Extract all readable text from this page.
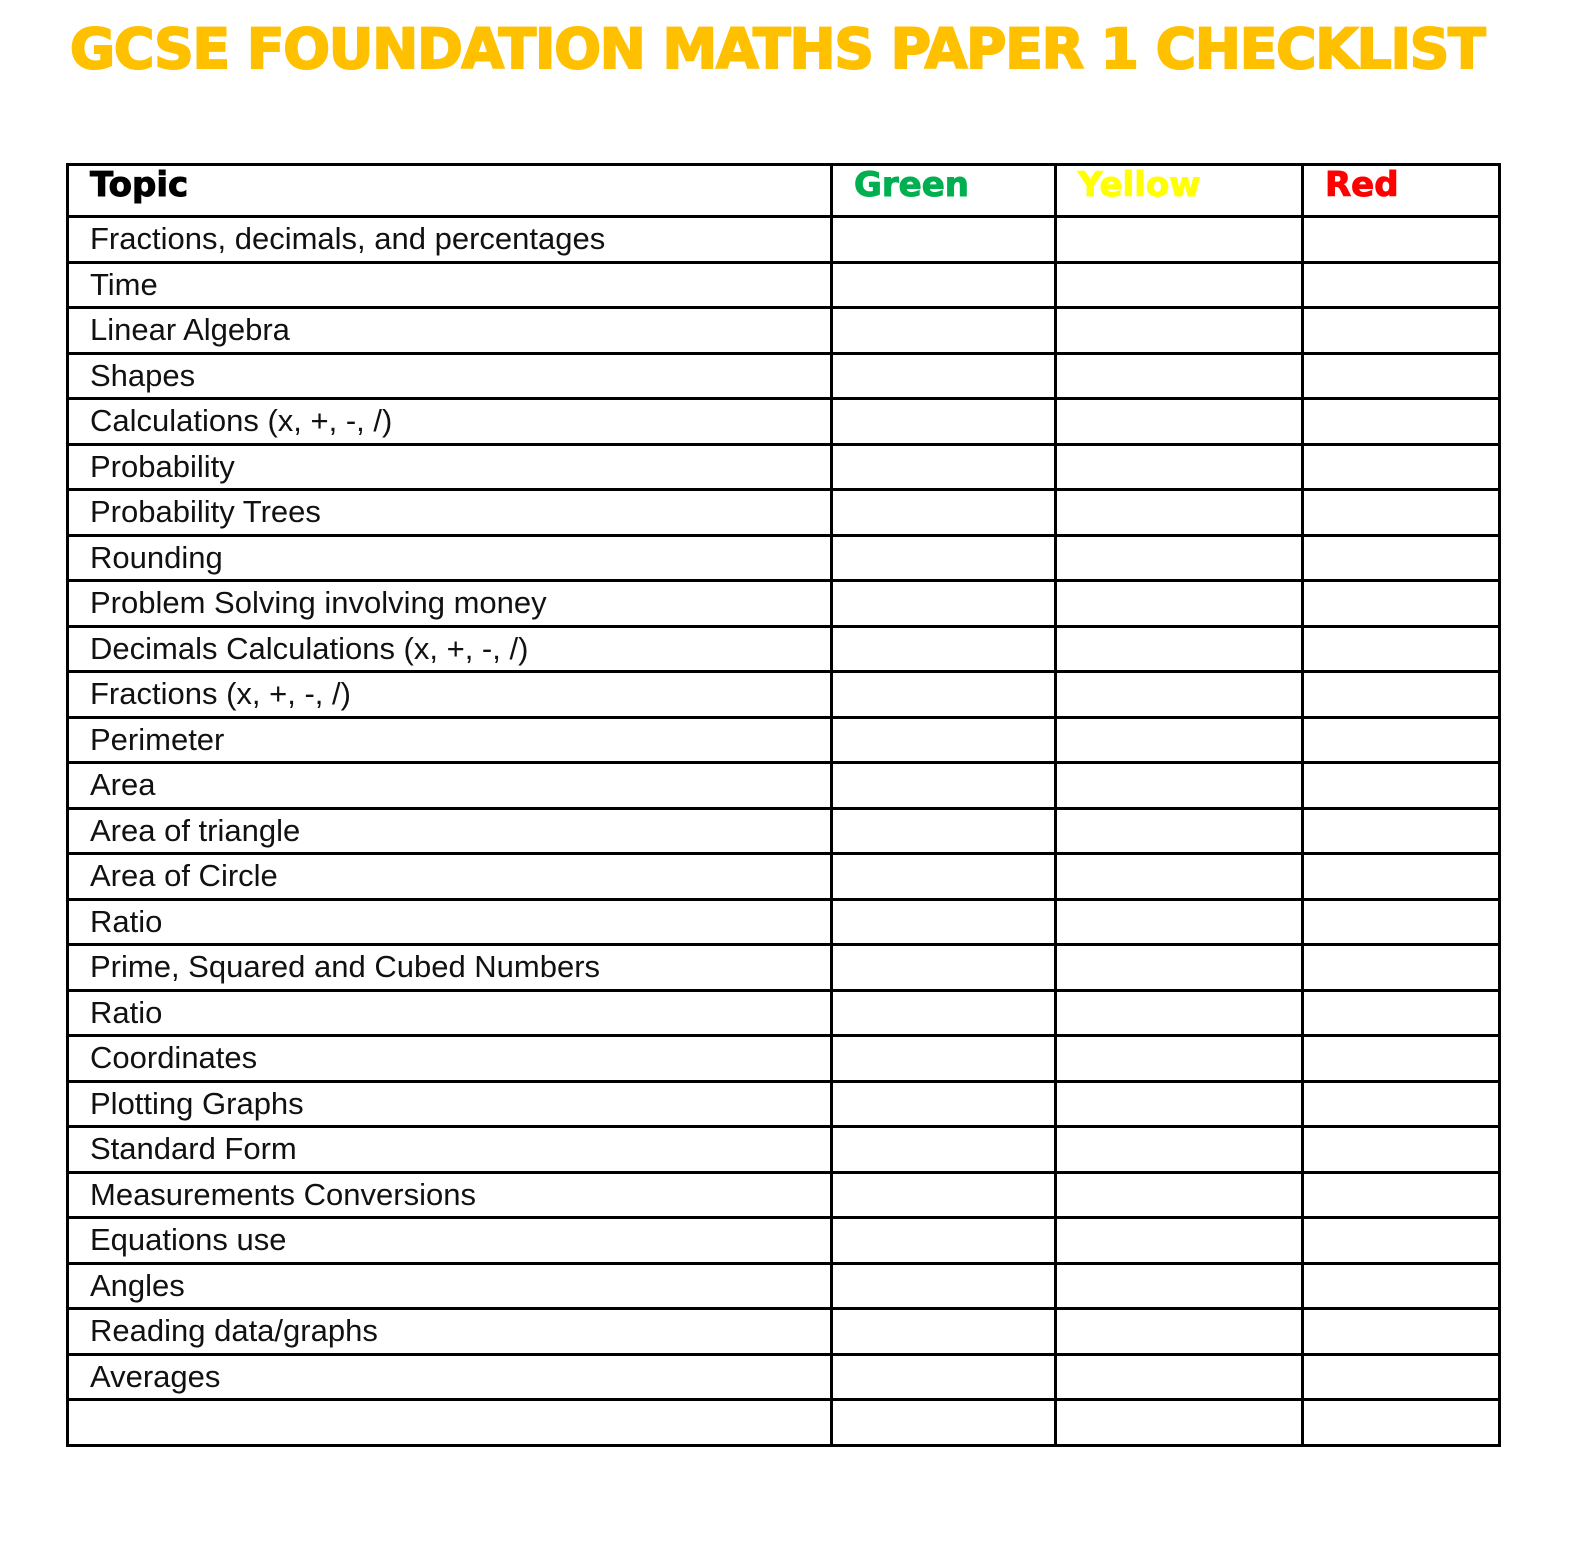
GCSE FOUNDATION MATHS PAPER 1 CHECKLIST
Topic	Green	Yellow	Red
Fractions, decimals, and percentages			
Time			
Linear Algebra			
Shapes			
Calculations (x, +, -, /)			
Probability			
Probability Trees			
Rounding			
Problem Solving involving money			
Decimals Calculations (x, +, -, /)			
Fractions (x, +, -, /)			
Perimeter			
Area			
Area of triangle			
Area of Circle			
Ratio			
Prime, Squared and Cubed Numbers			
Ratio			
Coordinates			
Plotting Graphs			
Standard Form			
Measurements Conversions			
Equations use			
Angles			
Reading data/graphs			
Averages			
